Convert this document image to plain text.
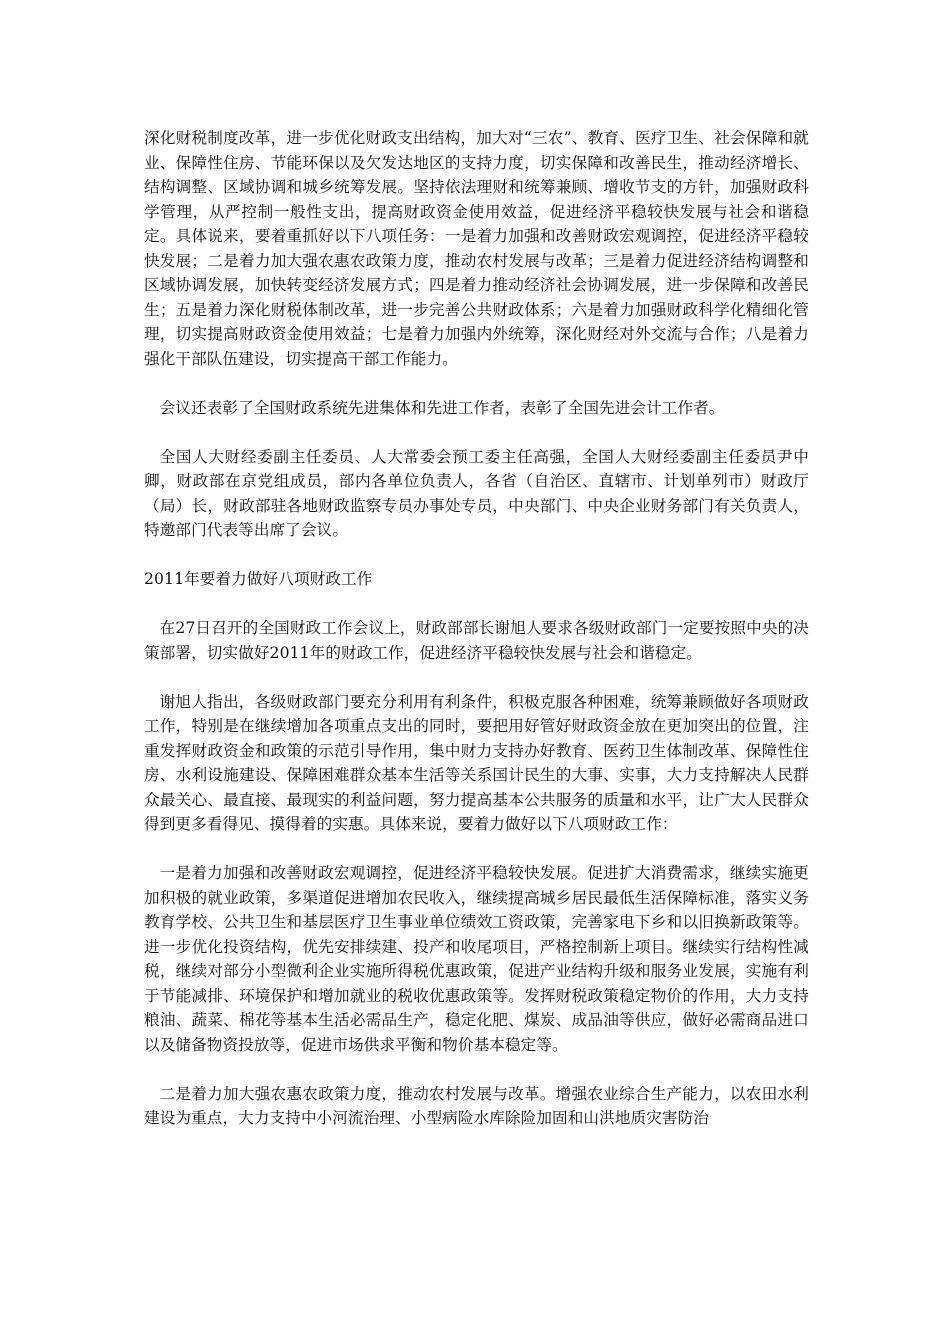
深化财税制度改革，进一步优化财政支出结构，加大对“三农”、教育、医疗卫生、社会保障和就业、保障性住房、节能环保以及欠发达地区的支持力度，切实保障和改善民生，推动经济增长、结构调整、区域协调和城乡统筹发展。坚持依法理财和统筹兼顾、增收节支的方针，加强财政科学管理，从严控制一般性支出，提高财政资金使用效益，促进经济平稳较快发展与社会和谐稳定。具体说来，要着重抓好以下八项任务：一是着力加强和改善财政宏观调控，促进经济平稳较快发展；二是着力加大强农惠农政策力度，推动农村发展与改革；三是着力促进经济结构调整和区域协调发展，加快转变经济发展方式；四是着力推动经济社会协调发展，进一步保障和改善民生；五是着力深化财税体制改革，进一步完善公共财政体系；六是着力加强财政科学化精细化管理，切实提高财政资金使用效益；七是着力加强内外统筹，深化财经对外交流与合作；八是着力强化干部队伍建设，切实提高干部工作能力。

会议还表彰了全国财政系统先进集体和先进工作者，表彰了全国先进会计工作者。

全国人大财经委副主任委员、人大常委会预工委主任高强，全国人大财经委副主任委员尹中卿，财政部在京党组成员，部内各单位负责人，各省（自治区、直辖市、计划单列市）财政厅（局）长，财政部驻各地财政监察专员办事处专员，中央部门、中央企业财务部门有关负责人，特邀部门代表等出席了会议。

2011年要着力做好八项财政工作

在27日召开的全国财政工作会议上，财政部部长谢旭人要求各级财政部门一定要按照中央的决策部署，切实做好2011年的财政工作，促进经济平稳较快发展与社会和谐稳定。

谢旭人指出，各级财政部门要充分利用有利条件，积极克服各种困难，统筹兼顾做好各项财政工作，特别是在继续增加各项重点支出的同时，要把用好管好财政资金放在更加突出的位置，注重发挥财政资金和政策的示范引导作用，集中财力支持办好教育、医药卫生体制改革、保障性住房、水利设施建设、保障困难群众基本生活等关系国计民生的大事、实事，大力支持解决人民群众最关心、最直接、最现实的利益问题，努力提高基本公共服务的质量和水平，让广大人民群众得到更多看得见、摸得着的实惠。具体来说，要着力做好以下八项财政工作：

一是着力加强和改善财政宏观调控，促进经济平稳较快发展。促进扩大消费需求，继续实施更加积极的就业政策，多渠道促进增加农民收入，继续提高城乡居民最低生活保障标准，落实义务教育学校、公共卫生和基层医疗卫生事业单位绩效工资政策，完善家电下乡和以旧换新政策等。进一步优化投资结构，优先安排续建、投产和收尾项目，严格控制新上项目。继续实行结构性减税，继续对部分小型微利企业实施所得税优惠政策，促进产业结构升级和服务业发展，实施有利于节能减排、环境保护和增加就业的税收优惠政策等。发挥财税政策稳定物价的作用，大力支持粮油、蔬菜、棉花等基本生活必需品生产，稳定化肥、煤炭、成品油等供应，做好必需商品进口以及储备物资投放等，促进市场供求平衡和物价基本稳定等。

二是着力加大强农惠农政策力度，推动农村发展与改革。增强农业综合生产能力，以农田水利建设为重点，大力支持中小河流治理、小型病险水库除险加固和山洪地质灾害防治
